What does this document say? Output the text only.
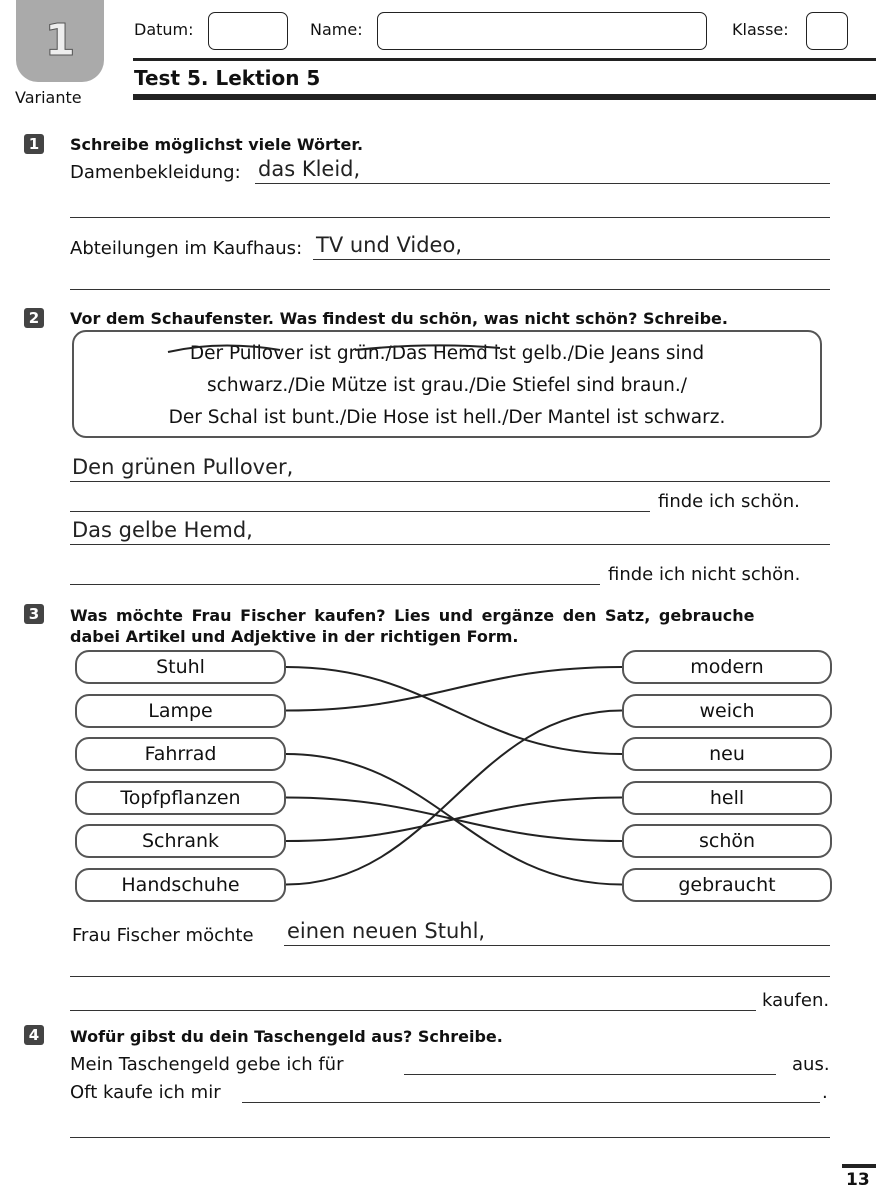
1
Variante
Datum:	Name:	Klasse:
Test 5. Lektion 5
1 Schreibe möglichst viele Wörter.
Damenbekleidung: das Kleid,
Abteilungen im Kaufhaus: TV und Video,
2 Vor dem Schaufenster. Was findest du schön, was nicht schön? Schreibe.
Der Pullover ist grün./Das Hemd ist gelb./Die Jeans sind
schwarz./Die Mütze ist grau./Die Stiefel sind braun./
Der Schal ist bunt./Die Hose ist hell./Der Mantel ist schwarz.
Den grünen Pullover,
finde ich schön.
Das gelbe Hemd,
finde ich nicht schön.
3 Was möchte Frau Fischer kaufen? Lies und ergänze den Satz, gebrauche
dabei Artikel und Adjektive in der richtigen Form.
Stuhl
Lampe
Fahrrad
Topfpflanzen
Schrank
Handschuhe
modern
weich
neu
hell
schön
gebraucht
Frau Fischer möchte einen neuen Stuhl,
kaufen.
4 Wofür gibst du dein Taschengeld aus? Schreibe.
Mein Taschengeld gebe ich für	aus.
Oft kaufe ich mir	.
13
